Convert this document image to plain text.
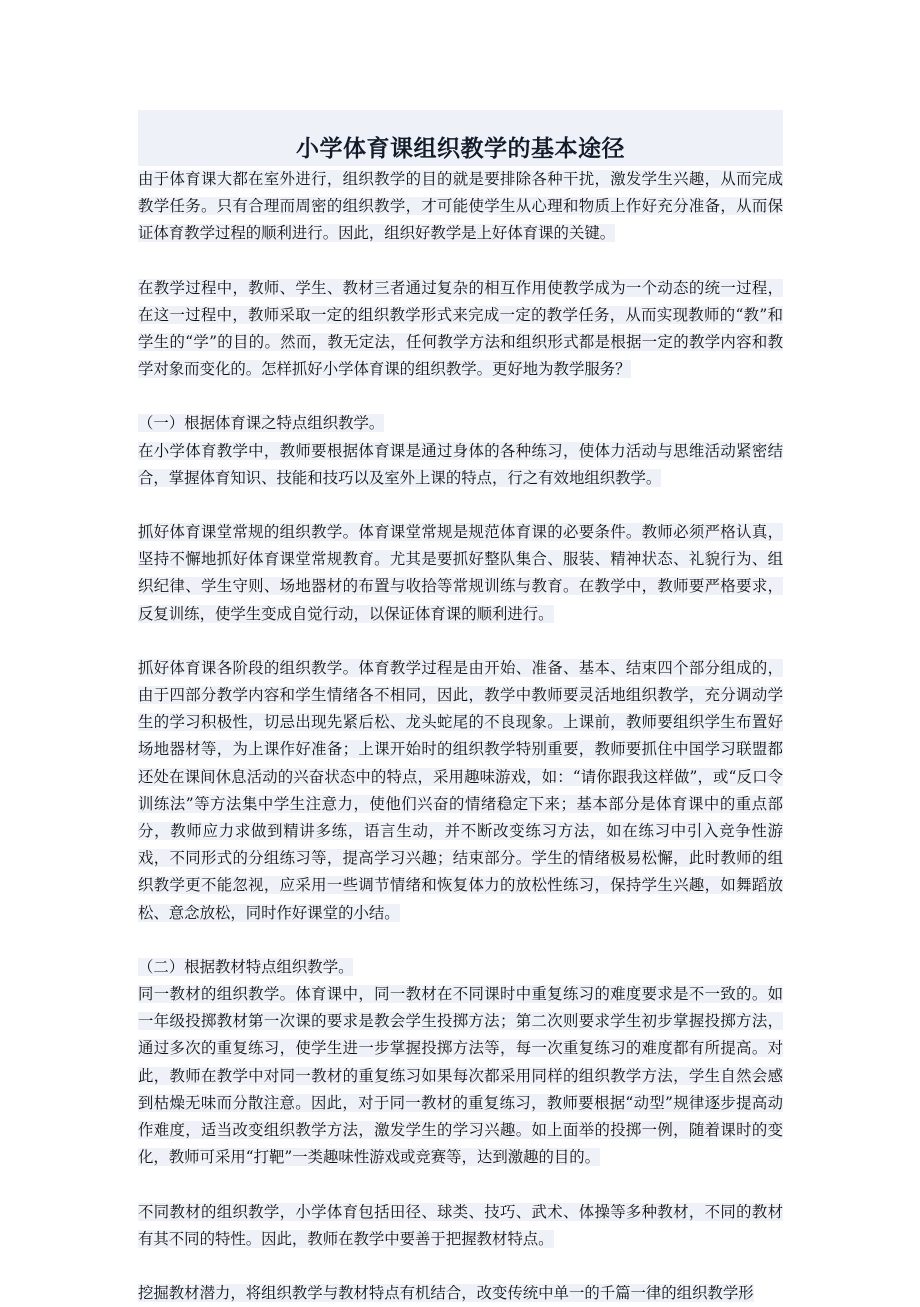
小学体育课组织教学的基本途径

由于体育课大都在室外进行，组织教学的目的就是要排除各种干扰，激发学生兴趣，从而完成教学任务。只有合理而周密的组织教学，才可能使学生从心理和物质上作好充分准备，从而保证体育教学过程的顺利进行。因此，组织好教学是上好体育课的关键。

在教学过程中，教师、学生、教材三者通过复杂的相互作用使教学成为一个动态的统一过程，在这一过程中，教师采取一定的组织教学形式来完成一定的教学任务，从而实现教师的“教”和学生的“学”的目的。然而，教无定法，任何教学方法和组织形式都是根据一定的教学内容和教学对象而变化的。怎样抓好小学体育课的组织教学。更好地为教学服务？

（一）根据体育课之特点组织教学。

在小学体育教学中，教师要根据体育课是通过身体的各种练习，使体力活动与思维活动紧密结合，掌握体育知识、技能和技巧以及室外上课的特点，行之有效地组织教学。

抓好体育课堂常规的组织教学。体育课堂常规是规范体育课的必要条件。教师必须严格认真，坚持不懈地抓好体育课堂常规教育。尤其是要抓好整队集合、服装、精神状态、礼貌行为、组织纪律、学生守则、场地器材的布置与收拾等常规训练与教育。在教学中，教师要严格要求，反复训练，使学生变成自觉行动，以保证体育课的顺利进行。

抓好体育课各阶段的组织教学。体育教学过程是由开始、准备、基本、结束四个部分组成的，由于四部分教学内容和学生情绪各不相同，因此，教学中教师要灵活地组织教学，充分调动学生的学习积极性，切忌出现先紧后松、龙头蛇尾的不良现象。上课前，教师要组织学生布置好场地器材等，为上课作好准备；上课开始时的组织教学特别重要，教师要抓住中国学习联盟都还处在课间休息活动的兴奋状态中的特点，采用趣味游戏，如：“请你跟我这样做”，或“反口令训练法”等方法集中学生注意力，使他们兴奋的情绪稳定下来；基本部分是体育课中的重点部分，教师应力求做到精讲多练，语言生动，并不断改变练习方法，如在练习中引入竞争性游戏，不同形式的分组练习等，提高学习兴趣；结束部分。学生的情绪极易松懈，此时教师的组织教学更不能忽视，应采用一些调节情绪和恢复体力的放松性练习，保持学生兴趣，如舞蹈放松、意念放松，同时作好课堂的小结。

（二）根据教材特点组织教学。

同一教材的组织教学。体育课中，同一教材在不同课时中重复练习的难度要求是不一致的。如一年级投掷教材第一次课的要求是教会学生投掷方法；第二次则要求学生初步掌握投掷方法，通过多次的重复练习，使学生进一步掌握投掷方法等，每一次重复练习的难度都有所提高。对此，教师在教学中对同一教材的重复练习如果每次都采用同样的组织教学方法，学生自然会感到枯燥无味而分散注意。因此，对于同一教材的重复练习，教师要根据“动型”规律逐步提高动作难度，适当改变组织教学方法，激发学生的学习兴趣。如上面举的投掷一例，随着课时的变化，教师可采用“打靶”一类趣味性游戏或竞赛等，达到激趣的目的。

不同教材的组织教学，小学体育包括田径、球类、技巧、武术、体操等多种教材，不同的教材有其不同的特性。因此，教师在教学中要善于把握教材特点。

挖掘教材潜力，将组织教学与教材特点有机结合，改变传统中单一的千篇一律的组织教学形
